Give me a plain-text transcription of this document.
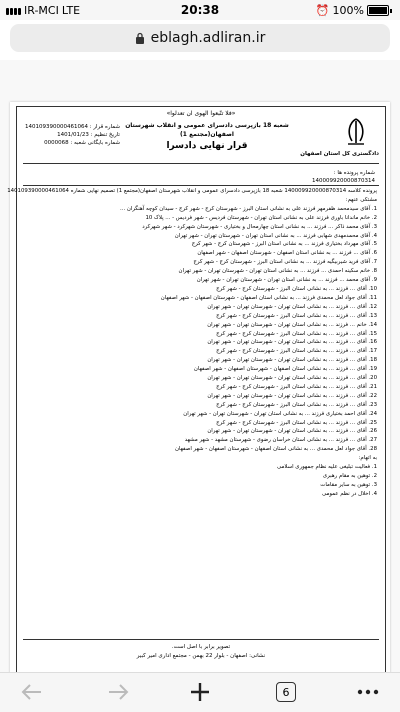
IR-MCI LTE	20:38	⏰ 100%
eblagh.adliran.ir
«فلا تتّبعوا الهوی ان تعدلوا»
دادگستری کل استان اصفهان
شماره قرار : 140109390000461064
تاریخ تنظیم : 1401/01/23
شماره بایگانی شعبه : 0000068
شعبه 18 بازپرسی دادسرای عمومی و انقلاب شهرستان
اصفهان(مجتمع 1)
قرار نهایی دادسرا
شماره پرونده ها :
140009920000870314
پرونده کلاسه 140009920000870314 شعبه 18 بازپرسی دادسرای عمومی و انقلاب شهرستان اصفهان(مجتمع 1) تصمیم نهایی شماره 140109390000461064
مشتکی عنهم:
1. آقای سیدمحمد ظفرمهر فرزند علی به نشانی استان البرز - شهرستان کرج - شهر کرج - سیدان کوچه آهنگران ...
2. خانم ماندانا باوری فرزند علی به نشانی استان تهران - شهرستان فردیس - شهر فردیس - ... پلاک 10
3. آقای محمد ذاکر ... فرزند ... به نشانی استان چهارمحال و بختیاری - شهرستان شهرکرد - شهر شهرکرد
4. آقای محمدمهدی شهابی فرزند ... به نشانی استان تهران - شهرستان تهران - شهر تهران
5. آقای مهرداد بختیاری فرزند ... به نشانی استان البرز - شهرستان کرج - شهر کرج
6. آقای ... فرزند ... به نشانی استان اصفهان - شهرستان اصفهان - شهر اصفهان
7. آقای فرید شیربیگیه فرزند ... به نشانی استان البرز - شهرستان کرج - شهر کرج
8. خانم سکینه احمدی ... فرزند ... به نشانی استان تهران - شهرستان تهران - شهر تهران
9. آقای محمد ... فرزند ... به نشانی استان تهران - شهرستان تهران - شهر تهران
10. آقای ... فرزند ... به نشانی استان البرز - شهرستان کرج - شهر کرج
11. آقای جواد لعل محمدی فرزند ... به نشانی استان اصفهان - شهرستان اصفهان - شهر اصفهان
12. آقای ... فرزند ... به نشانی استان تهران - شهرستان تهران - شهر تهران
13. آقای ... فرزند ... به نشانی استان البرز - شهرستان کرج - شهر کرج
14. خانم ... فرزند ... به نشانی استان تهران - شهرستان تهران - شهر تهران
15. آقای ... فرزند ... به نشانی استان البرز - شهرستان کرج - شهر کرج
16. آقای ... فرزند ... به نشانی استان تهران - شهرستان تهران - شهر تهران
17. آقای ... فرزند ... به نشانی استان البرز - شهرستان کرج - شهر کرج
18. آقای ... فرزند ... به نشانی استان تهران - شهرستان تهران - شهر تهران
19. آقای ... فرزند ... به نشانی استان اصفهان - شهرستان اصفهان - شهر اصفهان
20. آقای ... فرزند ... به نشانی استان تهران - شهرستان تهران - شهر تهران
21. آقای ... فرزند ... به نشانی استان البرز - شهرستان کرج - شهر کرج
22. آقای ... فرزند ... به نشانی استان تهران - شهرستان تهران - شهر تهران
23. آقای ... فرزند ... به نشانی استان البرز - شهرستان کرج - شهر کرج
24. آقای احمد بختیاری فرزند ... به نشانی استان تهران - شهرستان تهران - شهر تهران
25. آقای ... فرزند ... به نشانی استان البرز - شهرستان کرج - شهر کرج
26. آقای ... فرزند ... به نشانی استان تهران - شهرستان تهران - شهر تهران
27. آقای ... فرزند ... به نشانی استان خراسان رضوی - شهرستان مشهد - شهر مشهد
28. آقای جواد لعل محمدی ... به نشانی استان اصفهان - شهرستان اصفهان - شهر اصفهان
به اتهام:
1. فعالیت تبلیغی علیه نظام جمهوری اسلامی
2. توهین به مقام رهبری
3. توهین به سایر مقامات
4. اخلال در نظم عمومی
تصویر برابر با اصل است.
نشانی: اصفهان - بلوار 22 بهمن - مجتمع اداری امیر کبیر
6
